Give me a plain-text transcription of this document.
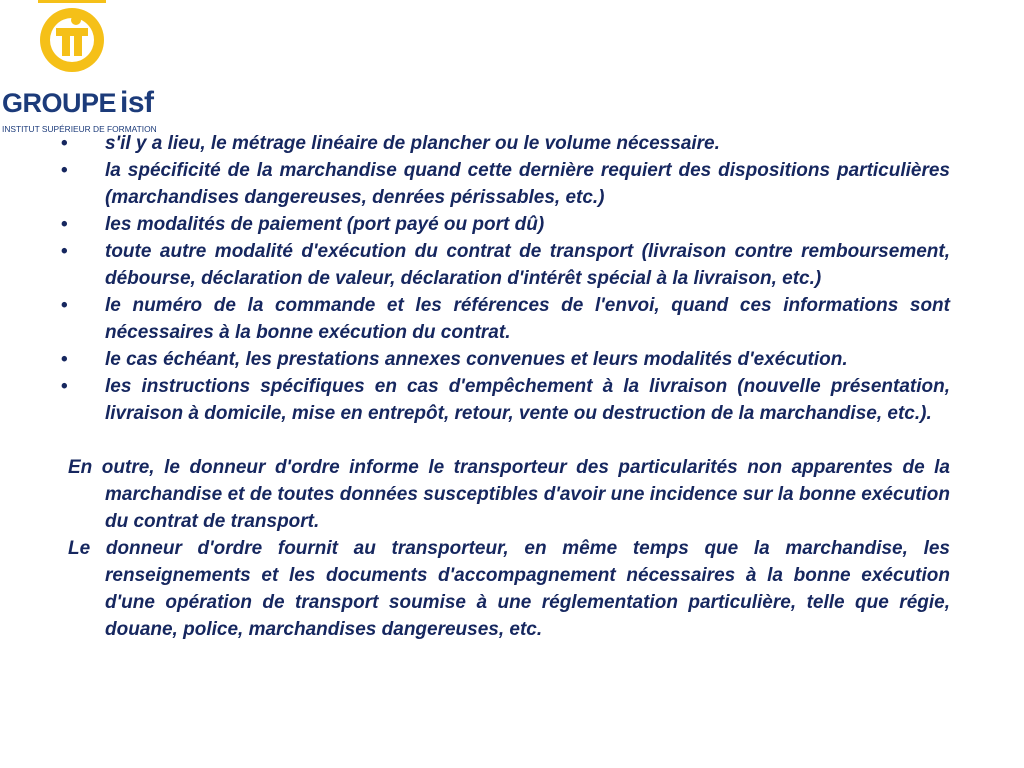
GROUPE isf
INSTITUT SUPÉRIEUR DE FORMATION
• s'il y a lieu, le métrage linéaire de plancher ou le volume nécessaire.
• la spécificité de la marchandise quand cette dernière requiert des dispositions particulières (marchandises dangereuses, denrées périssables, etc.)
• les modalités de paiement (port payé ou port dû)
• toute autre modalité d'exécution du contrat de transport (livraison contre remboursement, débourse, déclaration de valeur, déclaration d'intérêt spécial à la livraison, etc.)
• le numéro de la commande et les références de l'envoi, quand ces informations sont nécessaires à la bonne exécution du contrat.
• le cas échéant, les prestations annexes convenues et leurs modalités d'exécution.
• les instructions spécifiques en cas d'empêchement à la livraison (nouvelle présentation, livraison à domicile, mise en entrepôt, retour, vente ou destruction de la marchandise, etc.).

En outre, le donneur d'ordre informe le transporteur des particularités non apparentes de la marchandise et de toutes données susceptibles d'avoir une incidence sur la bonne exécution du contrat de transport.

Le donneur d'ordre fournit au transporteur, en même temps que la marchandise, les renseignements et les documents d'accompagnement nécessaires à la bonne exécution d'une opération de transport soumise à une réglementation particulière, telle que régie, douane, police, marchandises dangereuses, etc.
